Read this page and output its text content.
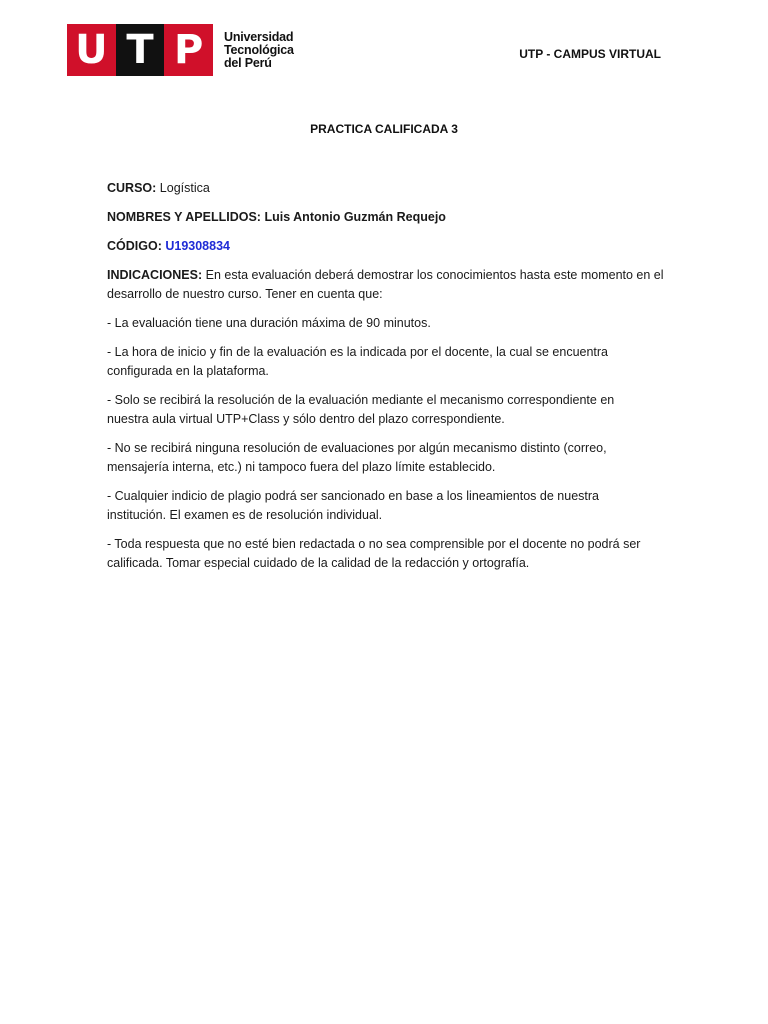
U T P	Universidad
Tecnológica
del Perú
UTP - CAMPUS VIRTUAL
PRACTICA CALIFICADA 3
CURSO: Logística
NOMBRES Y APELLIDOS: Luis Antonio Guzmán Requejo
CÓDIGO: U19308834

INDICACIONES: En esta evaluación deberá demostrar los conocimientos hasta este momento en el

desarrollo de nuestro curso. Tener en cuenta que:

- La evaluación tiene una duración máxima de 90 minutos.

- La hora de inicio y fin de la evaluación es la indicada por el docente, la cual se encuentra

configurada en la plataforma.

- Solo se recibirá la resolución de la evaluación mediante el mecanismo correspondiente en

nuestra aula virtual UTP+Class y sólo dentro del plazo correspondiente.

- No se recibirá ninguna resolución de evaluaciones por algún mecanismo distinto (correo,

mensajería interna, etc.) ni tampoco fuera del plazo límite establecido.

- Cualquier indicio de plagio podrá ser sancionado en base a los lineamientos de nuestra

institución. El examen es de resolución individual.

- Toda respuesta que no esté bien redactada o no sea comprensible por el docente no podrá ser

calificada. Tomar especial cuidado de la calidad de la redacción y ortografía.
